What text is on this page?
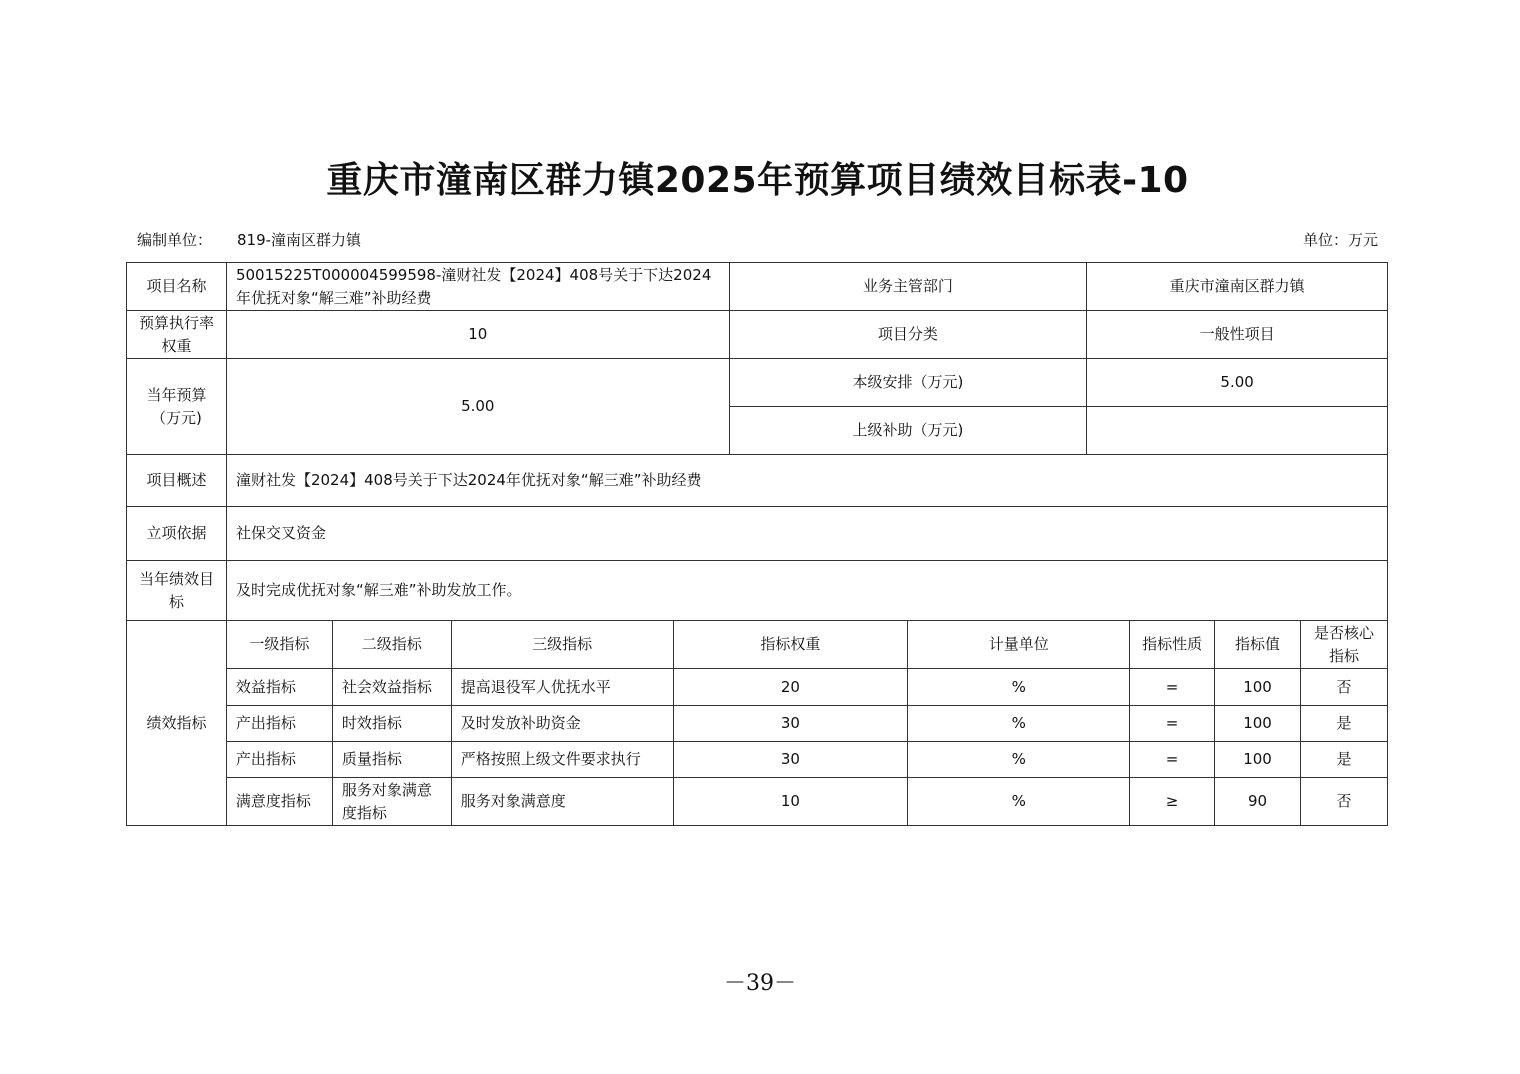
重庆市潼南区群力镇2025年预算项目绩效目标表-10
编制单位： 819-潼南区群力镇	单位：万元
项目名称	50015225T000004599598-潼财社发【2024】408号关于下达2024年优抚对象“解三难”补助经费	业务主管部门	重庆市潼南区群力镇
预算执行率权重	10	项目分类	一般性项目
当年预算（万元)	5.00	本级安排（万元)	5.00
		上级补助（万元)	
项目概述	潼财社发【2024】408号关于下达2024年优抚对象“解三难”补助经费		
立项依据	社保交叉资金		
当年绩效目标	及时完成优抚对象“解三难”补助发放工作。		
绩效指标	一级指标	二级指标	三级指标	指标权重	计量单位	指标性质	指标值	是否核心指标
	效益指标	社会效益指标	提高退役军人优抚水平	20	%	=	100	否
	产出指标	时效指标	及时发放补助资金	30	%	=	100	是
	产出指标	质量指标	严格按照上级文件要求执行	30	%	=	100	是
	满意度指标	服务对象满意度指标	服务对象满意度	10	%	≥	90	否
－39－
